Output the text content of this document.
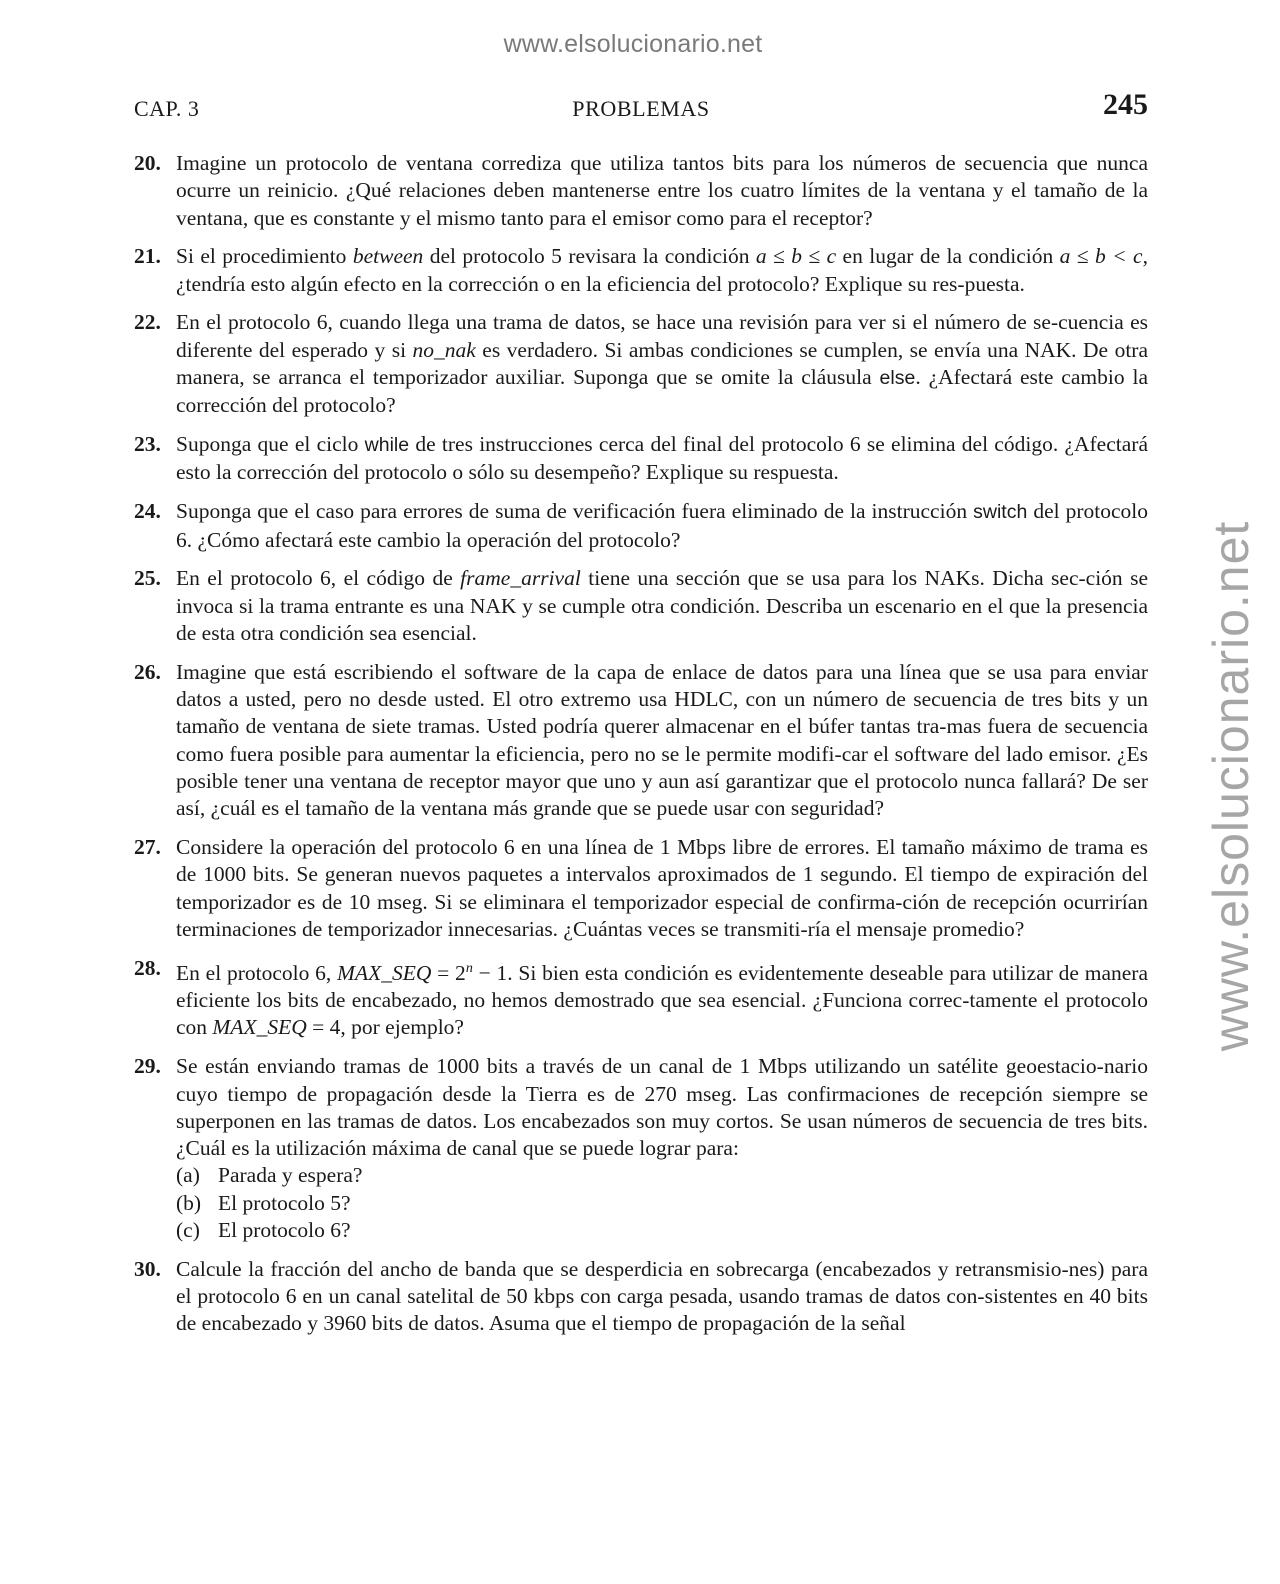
www.elsolucionario.net
www.elsolucionario.net
CAP. 3	PROBLEMAS	245
20. Imagine un protocolo de ventana corrediza que utiliza tantos bits para los números de secuencia que nunca ocurre un reinicio. ¿Qué relaciones deben mantenerse entre los cuatro límites de la ventana y el tamaño de la ventana, que es constante y el mismo tanto para el emisor como para el receptor?
21. Si el procedimiento between del protocolo 5 revisara la condición a ≤ b ≤ c en lugar de la condición a ≤ b < c, ¿tendría esto algún efecto en la corrección o en la eficiencia del protocolo? Explique su res-puesta.
22. En el protocolo 6, cuando llega una trama de datos, se hace una revisión para ver si el número de se-cuencia es diferente del esperado y si no_nak es verdadero. Si ambas condiciones se cumplen, se envía una NAK. De otra manera, se arranca el temporizador auxiliar. Suponga que se omite la cláusula else. ¿Afectará este cambio la corrección del protocolo?
23. Suponga que el ciclo while de tres instrucciones cerca del final del protocolo 6 se elimina del código. ¿Afectará esto la corrección del protocolo o sólo su desempeño? Explique su respuesta.
24. Suponga que el caso para errores de suma de verificación fuera eliminado de la instrucción switch del protocolo 6. ¿Cómo afectará este cambio la operación del protocolo?
25. En el protocolo 6, el código de frame_arrival tiene una sección que se usa para los NAKs. Dicha sec-ción se invoca si la trama entrante es una NAK y se cumple otra condición. Describa un escenario en el que la presencia de esta otra condición sea esencial.
26. Imagine que está escribiendo el software de la capa de enlace de datos para una línea que se usa para enviar datos a usted, pero no desde usted. El otro extremo usa HDLC, con un número de secuencia de tres bits y un tamaño de ventana de siete tramas. Usted podría querer almacenar en el búfer tantas tra-mas fuera de secuencia como fuera posible para aumentar la eficiencia, pero no se le permite modifi-car el software del lado emisor. ¿Es posible tener una ventana de receptor mayor que uno y aun así garantizar que el protocolo nunca fallará? De ser así, ¿cuál es el tamaño de la ventana más grande que se puede usar con seguridad?
27. Considere la operación del protocolo 6 en una línea de 1 Mbps libre de errores. El tamaño máximo de trama es de 1000 bits. Se generan nuevos paquetes a intervalos aproximados de 1 segundo. El tiempo de expiración del temporizador es de 10 mseg. Si se eliminara el temporizador especial de confirma-ción de recepción ocurrirían terminaciones de temporizador innecesarias. ¿Cuántas veces se transmiti-ría el mensaje promedio?
28. En el protocolo 6, MAX_SEQ = $2^n - 1$. Si bien esta condición es evidentemente deseable para utilizar de manera eficiente los bits de encabezado, no hemos demostrado que sea esencial. ¿Funciona correc-tamente el protocolo con MAX_SEQ = 4, por ejemplo?
29. Se están enviando tramas de 1000 bits a través de un canal de 1 Mbps utilizando un satélite geoestacio-nario cuyo tiempo de propagación desde la Tierra es de 270 mseg. Las confirmaciones de recepción siempre se superponen en las tramas de datos. Los encabezados son muy cortos. Se usan números de secuencia de tres bits. ¿Cuál es la utilización máxima de canal que se puede lograr para:
(a) Parada y espera?
(b) El protocolo 5?
(c) El protocolo 6?
30. Calcule la fracción del ancho de banda que se desperdicia en sobrecarga (encabezados y retransmisio-nes) para el protocolo 6 en un canal satelital de 50 kbps con carga pesada, usando tramas de datos con-sistentes en 40 bits de encabezado y 3960 bits de datos. Asuma que el tiempo de propagación de la señal
